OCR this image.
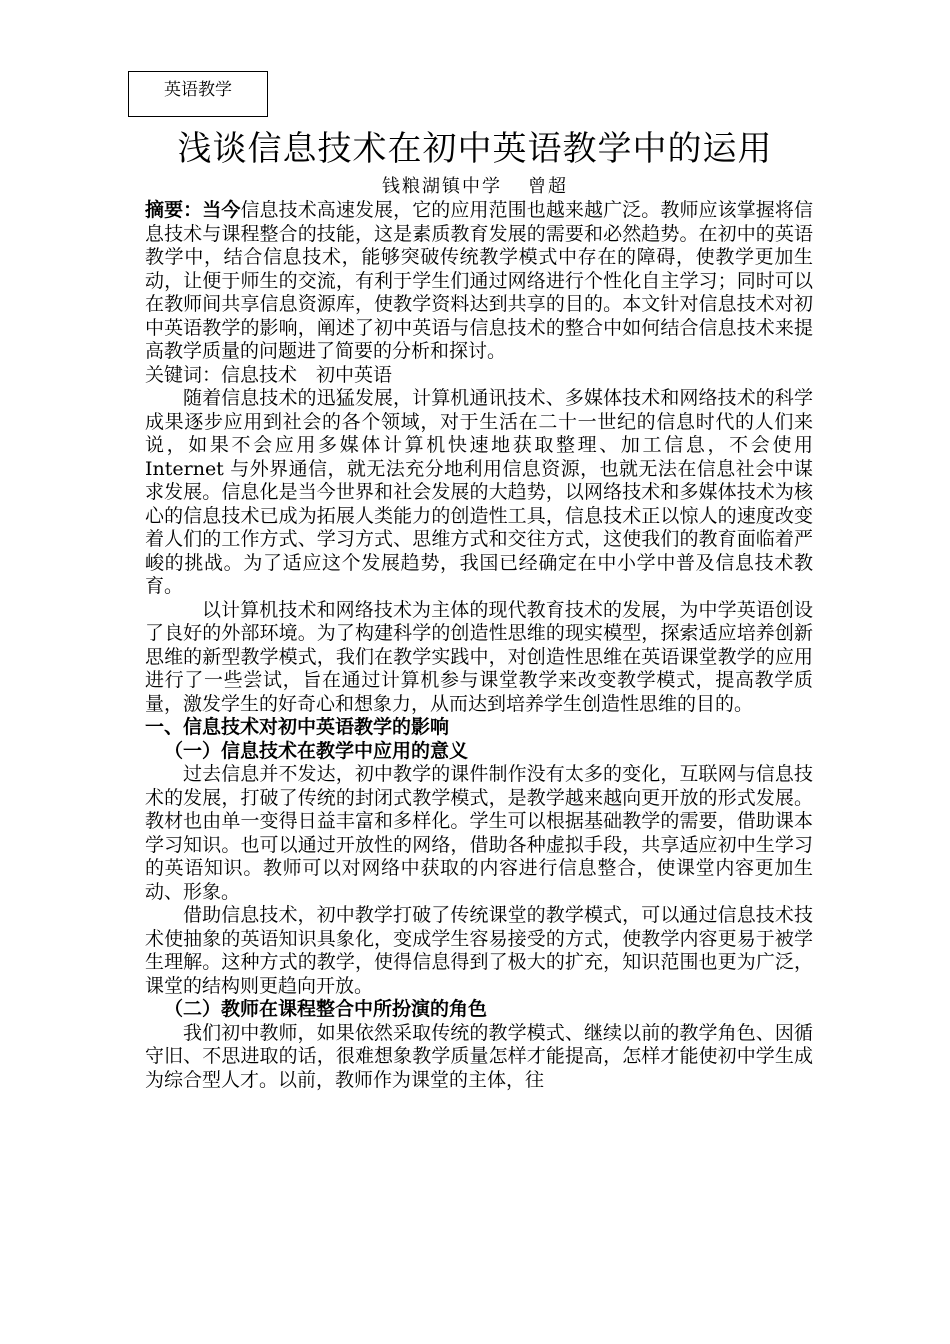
英语教学
浅谈信息技术在初中英语教学中的运用
钱粮湖镇中学 曾超

摘要：当今信息技术高速发展，它的应用范围也越来越广泛。教师应该掌握将信息技术与课程整合的技能，这是素质教育发展的需要和必然趋势。在初中的英语教学中，结合信息技术，能够突破传统教学模式中存在的障碍，使教学更加生动，让便于师生的交流，有利于学生们通过网络进行个性化自主学习；同时可以在教师间共享信息资源库，使教学资料达到共享的目的。本文针对信息技术对初中英语教学的影响，阐述了初中英语与信息技术的整合中如何结合信息技术来提高教学质量的问题进了简要的分析和探讨。

关键词：信息技术　初中英语

随着信息技术的迅猛发展，计算机通讯技术、多媒体技术和网络技术的科学成果逐步应用到社会的各个领域，对于生活在二十一世纪的信息时代的人们来说，如果不会应用多媒体计算机快速地获取整理、加工信息，不会使用 Internet 与外界通信，就无法充分地利用信息资源，也就无法在信息社会中谋求发展。信息化是当今世界和社会发展的大趋势，以网络技术和多媒体技术为核心的信息技术已成为拓展人类能力的创造性工具，信息技术正以惊人的速度改变着人们的工作方式、学习方式、思维方式和交往方式，这使我们的教育面临着严峻的挑战。为了适应这个发展趋势，我国已经确定在中小学中普及信息技术教育。

以计算机技术和网络技术为主体的现代教育技术的发展，为中学英语创设了良好的外部环境。为了构建科学的创造性思维的现实模型，探索适应培养创新思维的新型教学模式，我们在教学实践中，对创造性思维在英语课堂教学的应用进行了一些尝试，旨在通过计算机参与课堂教学来改变教学模式，提高教学质量，激发学生的好奇心和想象力，从而达到培养学生创造性思维的目的。

一、信息技术对初中英语教学的影响

（一）信息技术在教学中应用的意义

过去信息并不发达，初中教学的课件制作没有太多的变化，互联网与信息技术的发展，打破了传统的封闭式教学模式，是教学越来越向更开放的形式发展。教材也由单一变得日益丰富和多样化。学生可以根据基础教学的需要，借助课本学习知识。也可以通过开放性的网络，借助各种虚拟手段，共享适应初中生学习的英语知识。教师可以对网络中获取的内容进行信息整合，使课堂内容更加生动、形象。

借助信息技术，初中教学打破了传统课堂的教学模式，可以通过信息技术技术使抽象的英语知识具象化，变成学生容易接受的方式，使教学内容更易于被学生理解。这种方式的教学，使得信息得到了极大的扩充，知识范围也更为广泛，课堂的结构则更趋向开放。

（二）教师在课程整合中所扮演的角色

我们初中教师，如果依然采取传统的教学模式、继续以前的教学角色、因循守旧、不思进取的话，很难想象教学质量怎样才能提高，怎样才能使初中学生成为综合型人才。以前，教师作为课堂的主体，往
